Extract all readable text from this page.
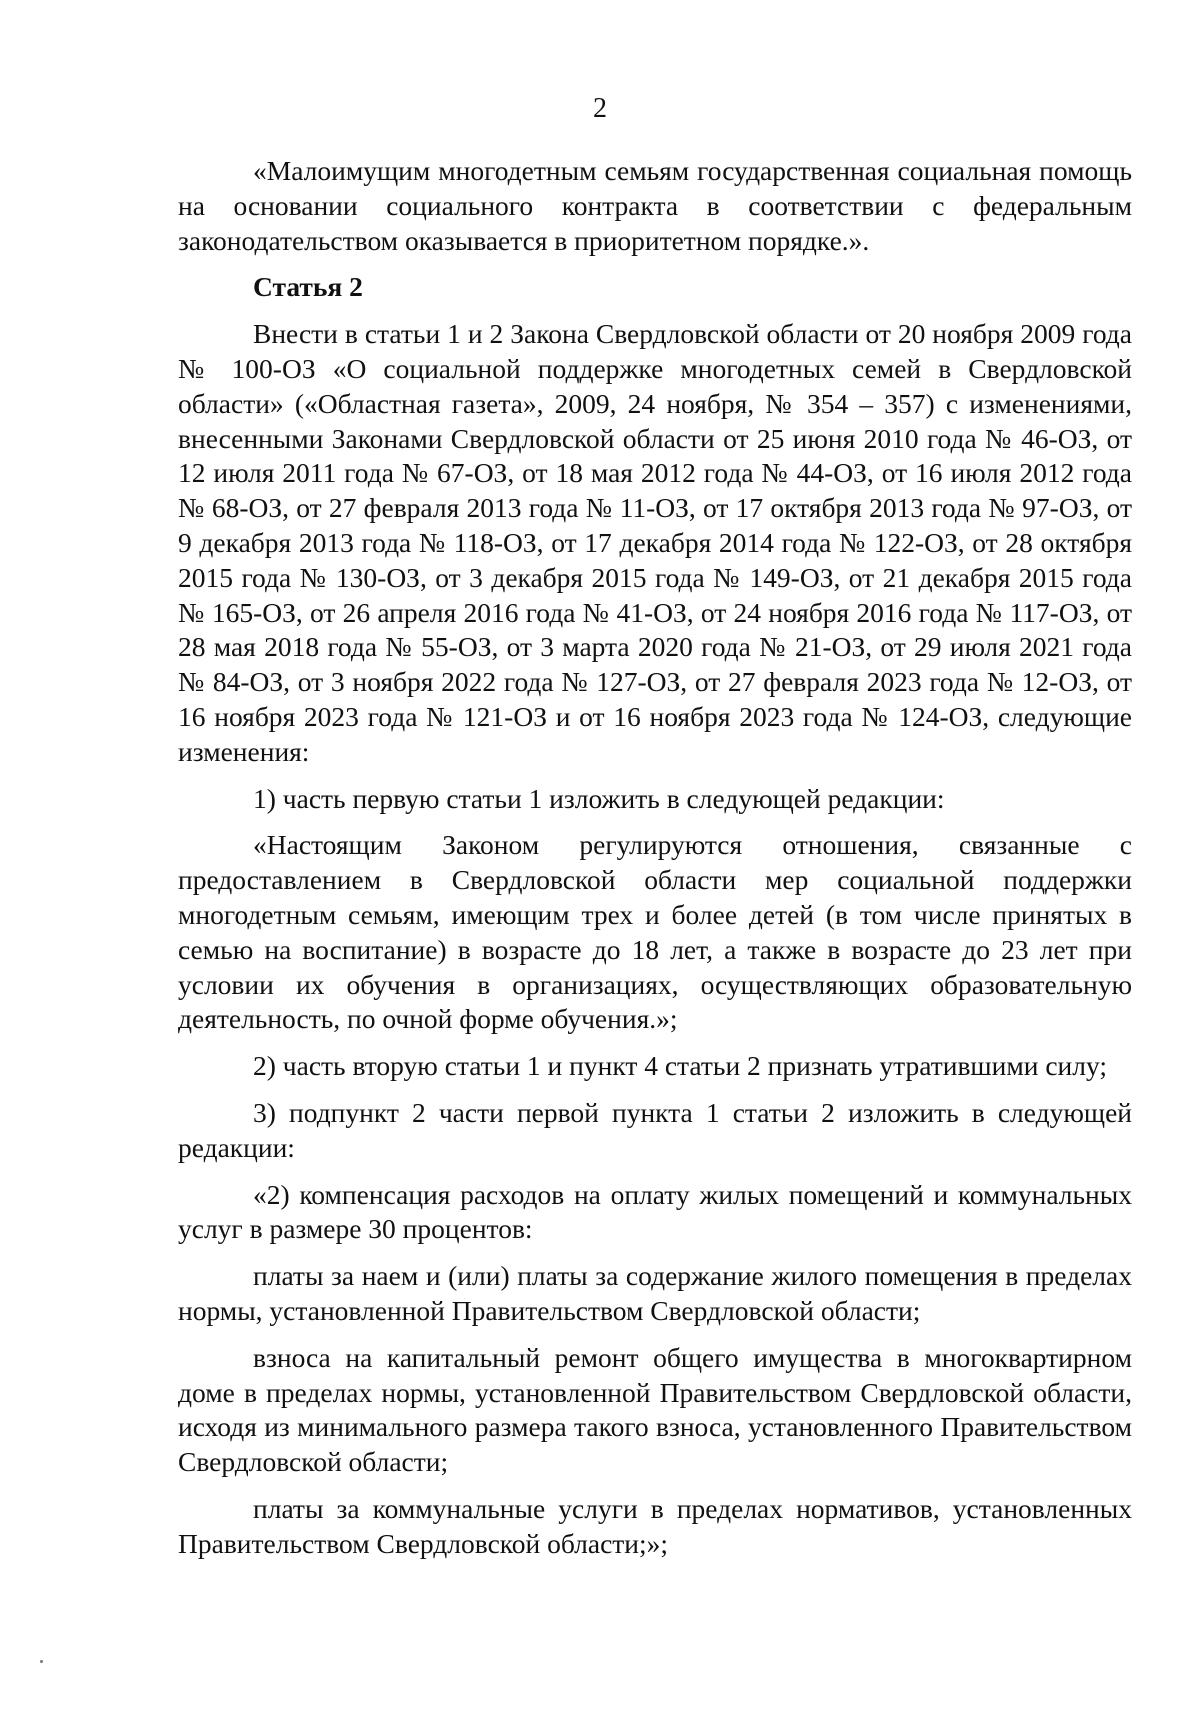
2

«Малоимущим многодетным семьям государственная социальная помощь на основании социального контракта в соответствии с федеральным законодательством оказывается в приоритетном порядке.».

Статья 2

Внести в статьи 1 и 2 Закона Свердловской области от 20 ноября 2009 года № 100-ОЗ «О социальной поддержке многодетных семей в Свердловской области» («Областная газета», 2009, 24 ноября, № 354 – 357) с изменениями, внесенными Законами Свердловской области от 25 июня 2010 года № 46-ОЗ, от 12 июля 2011 года № 67-ОЗ, от 18 мая 2012 года № 44-ОЗ, от 16 июля 2012 года № 68-ОЗ, от 27 февраля 2013 года № 11-ОЗ, от 17 октября 2013 года № 97-ОЗ, от 9 декабря 2013 года № 118-ОЗ, от 17 декабря 2014 года № 122-ОЗ, от 28 октября 2015 года № 130-ОЗ, от 3 декабря 2015 года № 149-ОЗ, от 21 декабря 2015 года № 165-ОЗ, от 26 апреля 2016 года № 41-ОЗ, от 24 ноября 2016 года № 117-ОЗ, от 28 мая 2018 года № 55-ОЗ, от 3 марта 2020 года № 21-ОЗ, от 29 июля 2021 года № 84-ОЗ, от 3 ноября 2022 года № 127-ОЗ, от 27 февраля 2023 года № 12-ОЗ, от 16 ноября 2023 года № 121-ОЗ и от 16 ноября 2023 года № 124-ОЗ, следующие изменения:

1) часть первую статьи 1 изложить в следующей редакции:

«Настоящим Законом регулируются отношения, связанные с предоставлением в Свердловской области мер социальной поддержки многодетным семьям, имеющим трех и более детей (в том числе принятых в семью на воспитание) в возрасте до 18 лет, а также в возрасте до 23 лет при условии их обучения в организациях, осуществляющих образовательную деятельность, по очной форме обучения.»;

2) часть вторую статьи 1 и пункт 4 статьи 2 признать утратившими силу;

3) подпункт 2 части первой пункта 1 статьи 2 изложить в следующей редакции:

«2) компенсация расходов на оплату жилых помещений и коммунальных услуг в размере 30 процентов:

платы за наем и (или) платы за содержание жилого помещения в пределах нормы, установленной Правительством Свердловской области;

взноса на капитальный ремонт общего имущества в многоквартирном доме в пределах нормы, установленной Правительством Свердловской области, исходя из минимального размера такого взноса, установленного Правительством Свердловской области;

платы за коммунальные услуги в пределах нормативов, установленных Правительством Свердловской области;»;
